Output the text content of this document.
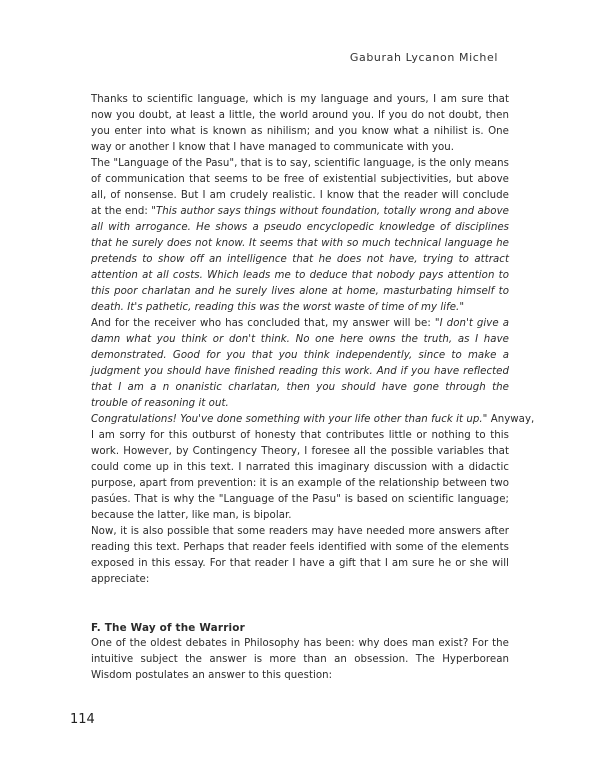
Gaburah Lycanon Michel

Thanks to scientific language, which is my language and yours, I am sure that now you doubt, at least a little, the world around you. If you do not doubt, then you enter into what is known as nihilism; and you know what a nihilist is. One way or another I know that I have managed to communicate with you.

The "Language of the Pasu", that is to say, scientific language, is the only means of communication that seems to be free of existential subjectivities, but above all, of nonsense. But I am crudely realistic. I know that the reader will conclude at the end: "This author says things without foundation, totally wrong and above all with arrogance. He shows a pseudo encyclopedic knowledge of disciplines that he surely does not know. It seems that with so much technical language he pretends to show off an intelligence that he does not have, trying to attract attention at all costs. Which leads me to deduce that nobody pays attention to this poor charlatan and he surely lives alone at home, masturbating himself to death. It's pathetic, reading this was the worst waste of time of my life."

And for the receiver who has concluded that, my answer will be: "I don't give a damn what you think or don't think. No one here owns the truth, as I have demonstrated. Good for you that you think independently, since to make a judgment you should have finished reading this work. And if you have reflected that I am a n onanistic charlatan, then you should have gone through the trouble of reasoning it out.

Congratulations! You've done something with your life other than fuck it up." Anyway,

I am sorry for this outburst of honesty that contributes little or nothing to this work. However, by Contingency Theory, I foresee all the possible variables that could come up in this text. I narrated this imaginary discussion with a didactic purpose, apart from prevention: it is an example of the relationship between two pasúes. That is why the "Language of the Pasu" is based on scientific language; because the latter, like man, is bipolar.

Now, it is also possible that some readers may have needed more answers after reading this text. Perhaps that reader feels identified with some of the elements exposed in this essay. For that reader I have a gift that I am sure he or she will appreciate:

F. The Way of the Warrior

One of the oldest debates in Philosophy has been: why does man exist? For the intuitive subject the answer is more than an obsession. The Hyperborean Wisdom postulates an answer to this question:

114
